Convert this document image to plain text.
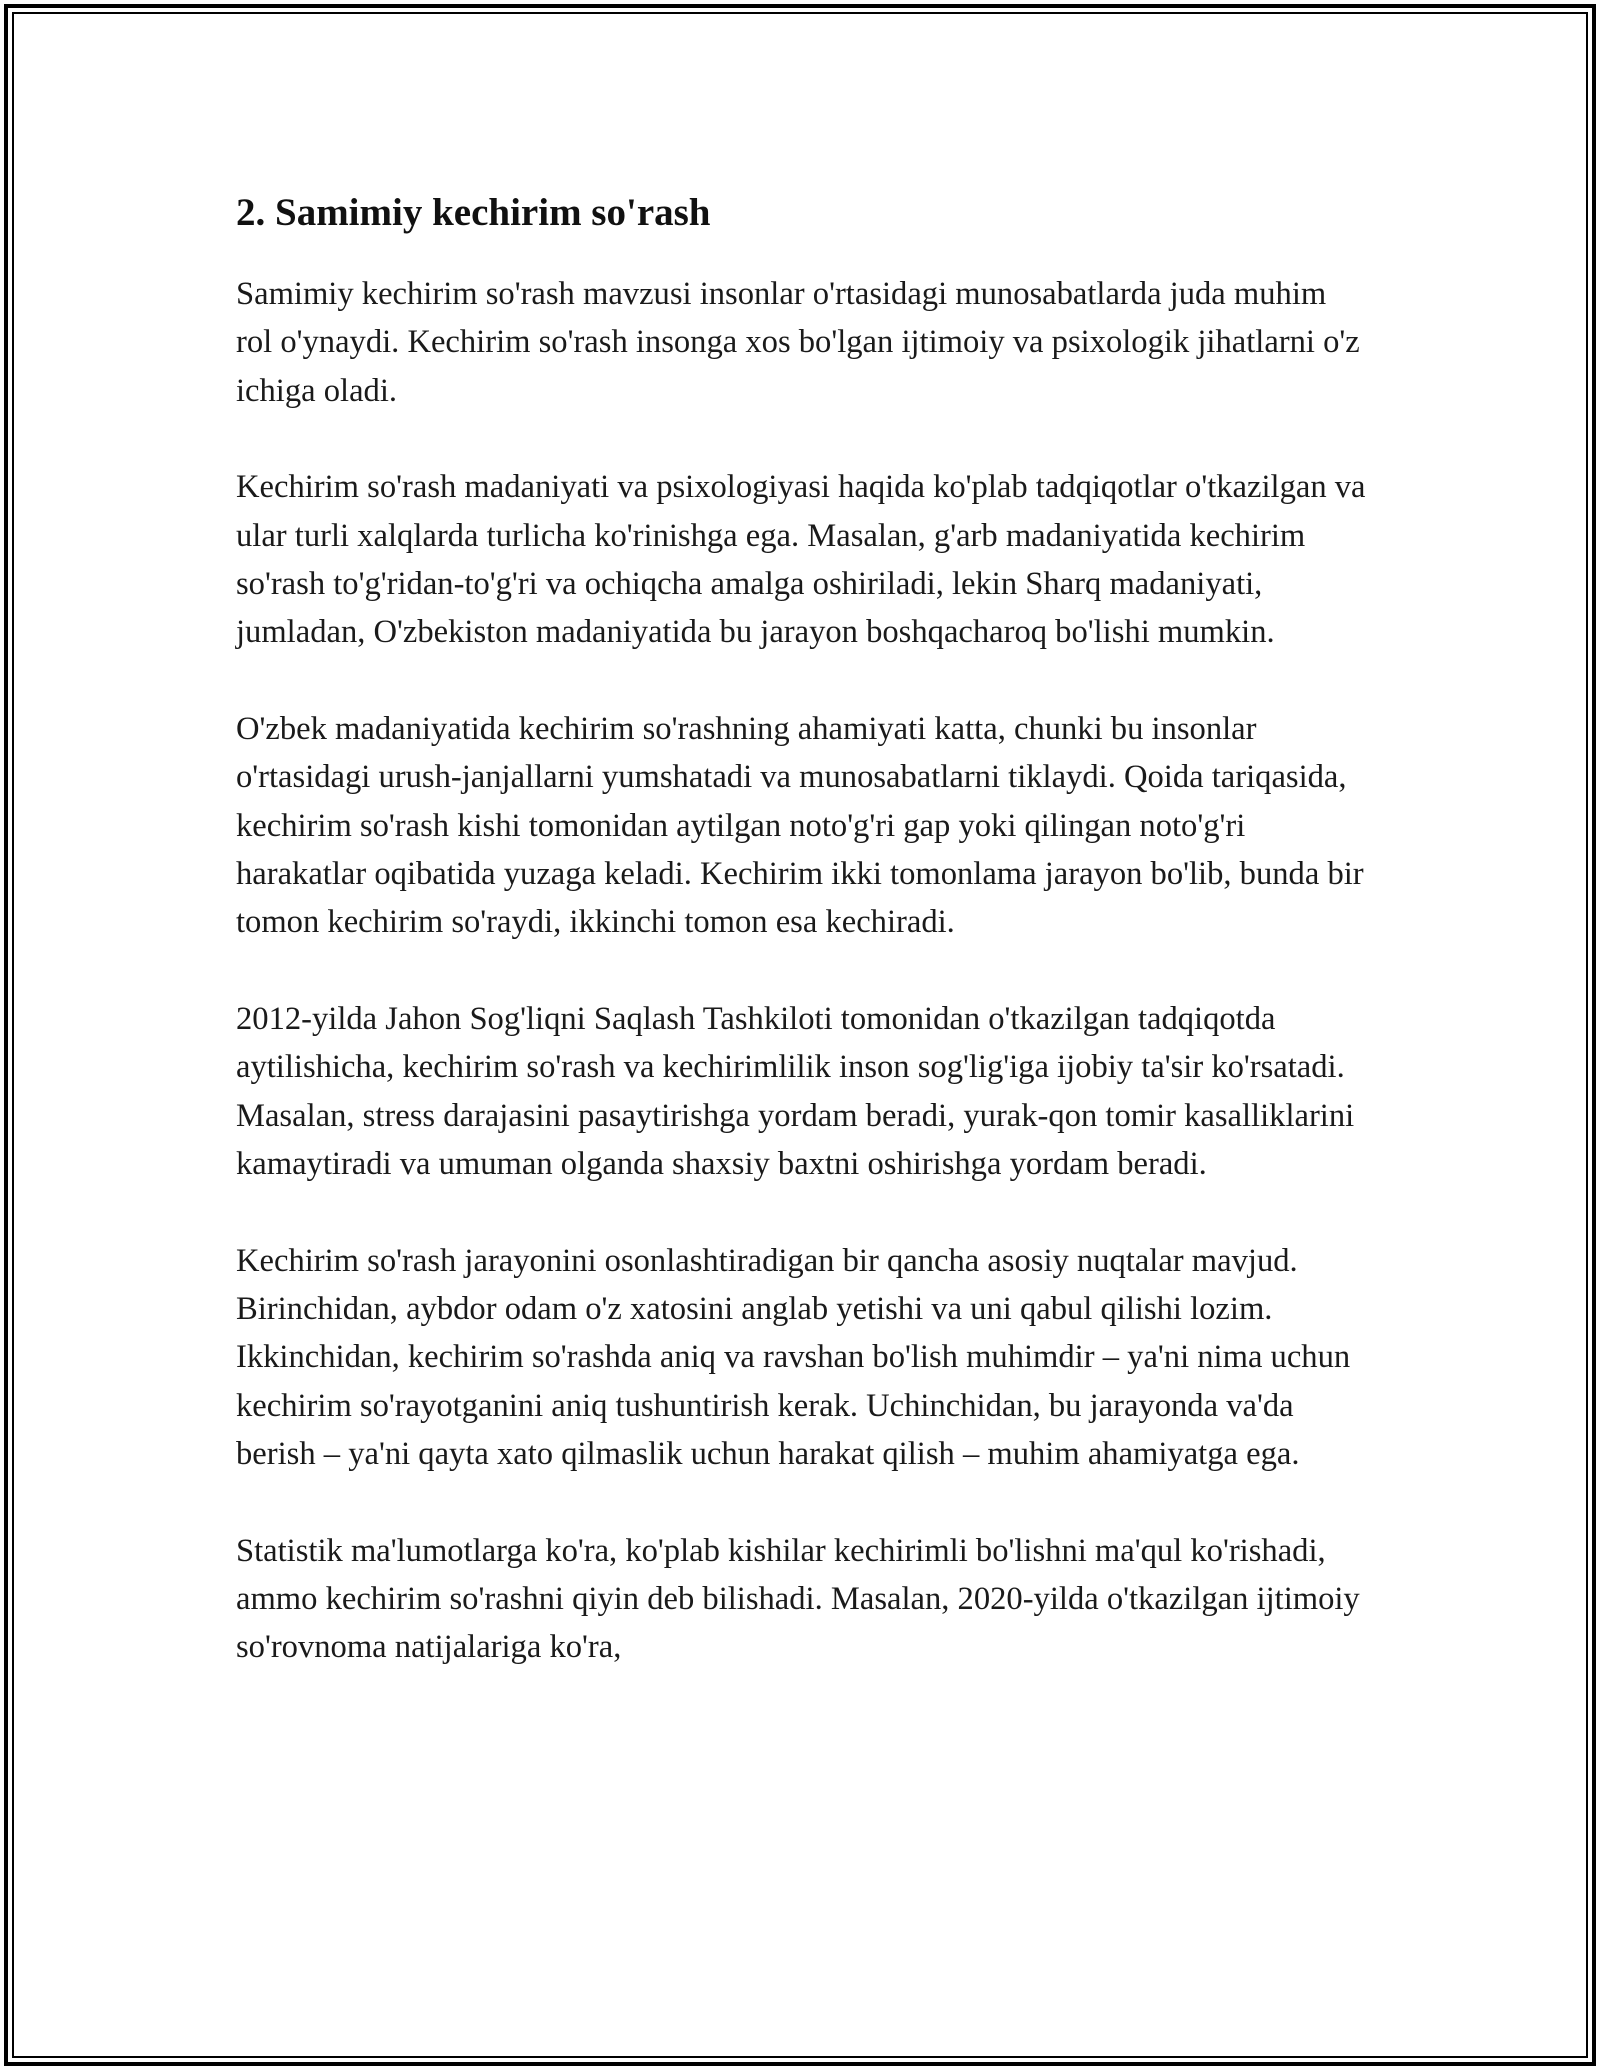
2. Samimiy kechirim so'rash

Samimiy kechirim so'rash mavzusi insonlar o'rtasidagi munosabatlarda juda muhim rol o'ynaydi. Kechirim so'rash insonga xos bo'lgan ijtimoiy va psixologik jihatlarni o'z ichiga oladi.

Kechirim so'rash madaniyati va psixologiyasi haqida ko'plab tadqiqotlar o'tkazilgan va ular turli xalqlarda turlicha ko'rinishga ega. Masalan, g'arb madaniyatida kechirim so'rash to'g'ridan-to'g'ri va ochiqcha amalga oshiriladi, lekin Sharq madaniyati, jumladan, O'zbekiston madaniyatida bu jarayon boshqacharoq bo'lishi mumkin.

O'zbek madaniyatida kechirim so'rashning ahamiyati katta, chunki bu insonlar o'rtasidagi urush-janjallarni yumshatadi va munosabatlarni tiklaydi. Qoida tariqasida, kechirim so'rash kishi tomonidan aytilgan noto'g'ri gap yoki qilingan noto'g'ri harakatlar oqibatida yuzaga keladi. Kechirim ikki tomonlama jarayon bo'lib, bunda bir tomon kechirim so'raydi, ikkinchi tomon esa kechiradi.

2012-yilda Jahon Sog'liqni Saqlash Tashkiloti tomonidan o'tkazilgan tadqiqotda aytilishicha, kechirim so'rash va kechirimlilik inson sog'lig'iga ijobiy ta'sir ko'rsatadi. Masalan, stress darajasini pasaytirishga yordam beradi, yurak-qon tomir kasalliklarini kamaytiradi va umuman olganda shaxsiy baxtni oshirishga yordam beradi.

Kechirim so'rash jarayonini osonlashtiradigan bir qancha asosiy nuqtalar mavjud. Birinchidan, aybdor odam o'z xatosini anglab yetishi va uni qabul qilishi lozim. Ikkinchidan, kechirim so'rashda aniq va ravshan bo'lish muhimdir – ya'ni nima uchun kechirim so'rayotganini aniq tushuntirish kerak. Uchinchidan, bu jarayonda va'da berish – ya'ni qayta xato qilmaslik uchun harakat qilish – muhim ahamiyatga ega.

Statistik ma'lumotlarga ko'ra, ko'plab kishilar kechirimli bo'lishni ma'qul ko'rishadi, ammo kechirim so'rashni qiyin deb bilishadi. Masalan, 2020-yilda o'tkazilgan ijtimoiy so'rovnoma natijalariga ko'ra,
